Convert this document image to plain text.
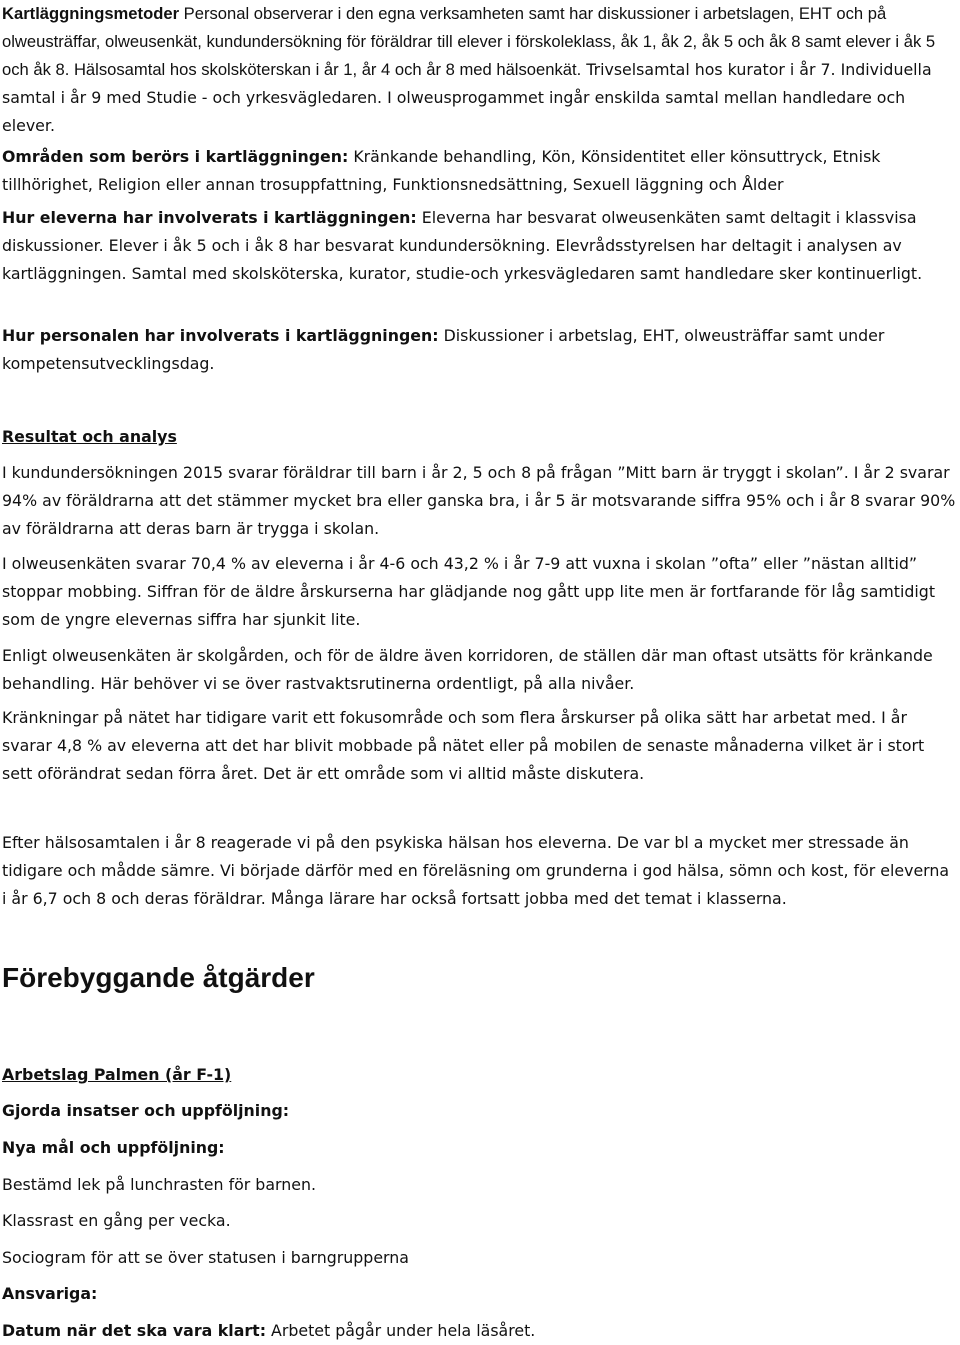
Kartläggningsmetoder Personal observerar i den egna verksamheten samt har diskussioner i arbetslagen, EHT och på olweusträffar, olweusenkät, kundundersökning för föräldrar till elever i förskoleklass, åk 1, åk 2, åk 5 och åk 8 samt elever i åk 5 och åk 8. Hälsosamtal hos skolsköterskan i år 1, år 4 och år 8 med hälsoenkät. Trivselsamtal hos kurator i år 7. Individuella samtal i år 9 med Studie - och yrkesvägledaren. I olweusprogammet ingår enskilda samtal mellan handledare och elever.

Områden som berörs i kartläggningen: Kränkande behandling, Kön, Könsidentitet eller könsuttryck, Etnisk tillhörighet, Religion eller annan trosuppfattning, Funktionsnedsättning, Sexuell läggning och Ålder

Hur eleverna har involverats i kartläggningen: Eleverna har besvarat olweusenkäten samt deltagit i klassvisa diskussioner. Elever i åk 5 och i åk 8 har besvarat kundundersökning. Elevrådsstyrelsen har deltagit i analysen av kartläggningen. Samtal med skolsköterska, kurator, studie-och yrkesvägledaren samt handledare sker kontinuerligt.

Hur personalen har involverats i kartläggningen: Diskussioner i arbetslag, EHT, olweusträffar samt under kompetensutvecklingsdag.

Resultat och analys

I kundundersökningen 2015 svarar föräldrar till barn i år 2, 5 och 8 på frågan ”Mitt barn är tryggt i skolan”. I år 2 svarar 94% av föräldrarna att det stämmer mycket bra eller ganska bra, i år 5 är motsvarande siffra 95% och i år 8 svarar 90% av föräldrarna att deras barn är trygga i skolan.

I olweusenkäten svarar 70,4 % av eleverna i år 4-6 och 43,2 % i år 7-9 att vuxna i skolan ”ofta” eller ”nästan alltid” stoppar mobbing. Siffran för de äldre årskurserna har glädjande nog gått upp lite men är fortfarande för låg samtidigt som de yngre elevernas siffra har sjunkit lite.

Enligt olweusenkäten är skolgården, och för de äldre även korridoren, de ställen där man oftast utsätts för kränkande behandling. Här behöver vi se över rastvaktsrutinerna ordentligt, på alla nivåer.

Kränkningar på nätet har tidigare varit ett fokusområde och som flera årskurser på olika sätt har arbetat med. I år svarar 4,8 % av eleverna att det har blivit mobbade på nätet eller på mobilen de senaste månaderna vilket är i stort sett oförändrat sedan förra året. Det är ett område som vi alltid måste diskutera.

Efter hälsosamtalen i år 8 reagerade vi på den psykiska hälsan hos eleverna. De var bl a mycket mer stressade än tidigare och mådde sämre. Vi började därför med en föreläsning om grunderna i god hälsa, sömn och kost, för eleverna i år 6,7 och 8 och deras föräldrar. Många lärare har också fortsatt jobba med det temat i klasserna.

Förebyggande åtgärder

Arbetslag Palmen (år F-1)

Gjorda insatser och uppföljning:

Nya mål och uppföljning:

Bestämd lek på lunchrasten för barnen.

Klassrast en gång per vecka.

Sociogram för att se över statusen i barngrupperna

Ansvariga:

Datum när det ska vara klart: Arbetet pågår under hela läsåret.
